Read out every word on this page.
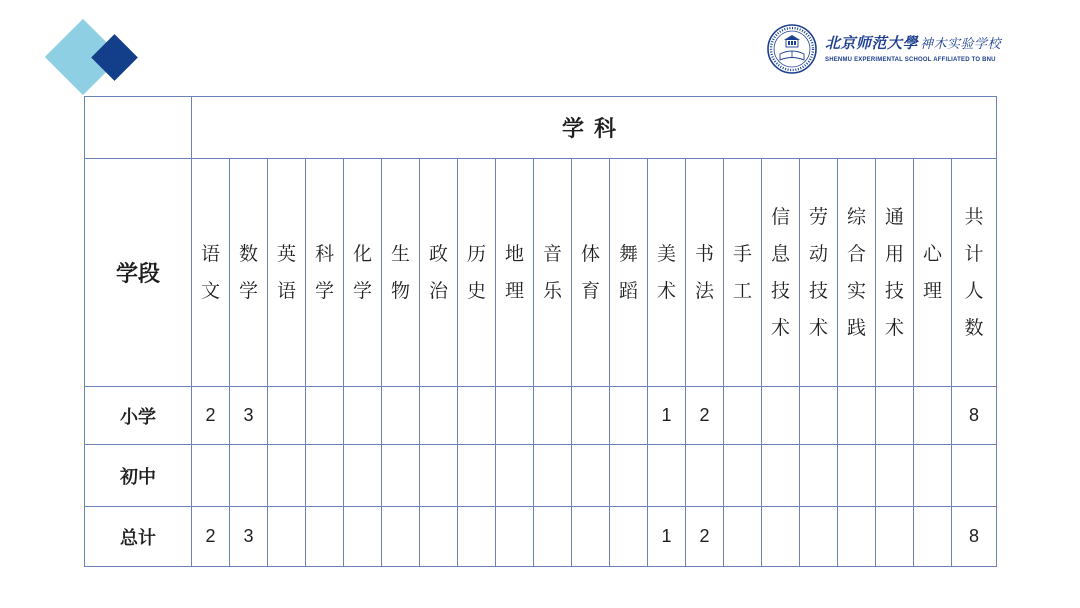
北京师范大學 神木实验学校
SHENMU EXPERIMENTAL SCHOOL AFFILIATED TO BNU
	学科																				
学段	语文	数学	英语	科学	化学	生物	政治	历史	地理	音乐	体育	舞蹈	美术	书法	手工	信息技术	劳动技术	综合实践	通用技术	心理	共计人数
小学	2	3											1	2							8
初中																					
总计	2	3											1	2							8
